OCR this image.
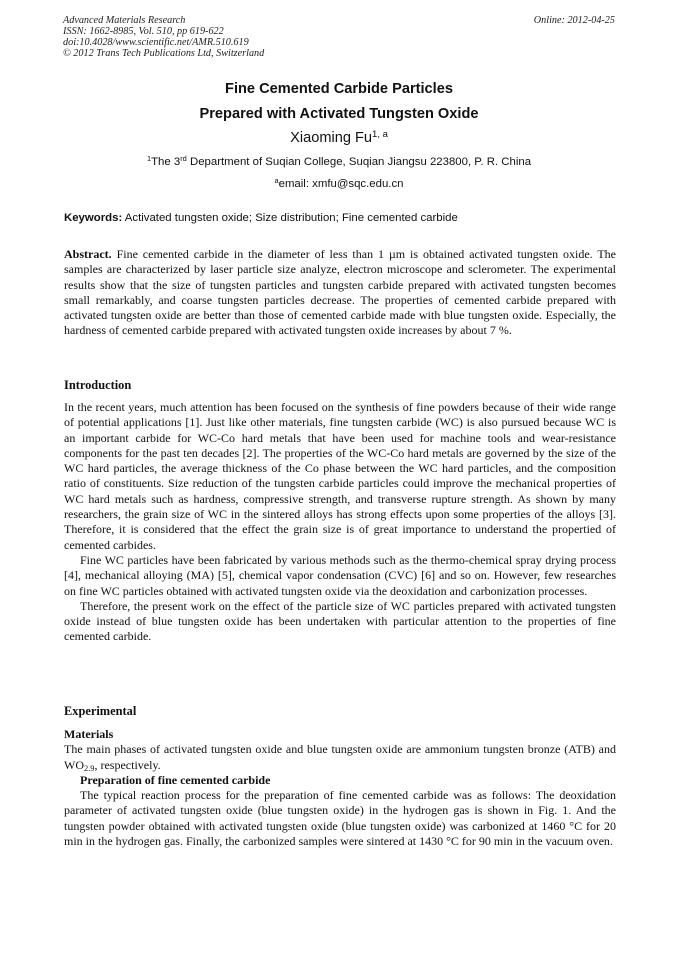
Advanced Materials Research
ISSN: 1662-8985, Vol. 510, pp 619-622
doi:10.4028/www.scientific.net/AMR.510.619
© 2012 Trans Tech Publications Ltd, Switzerland
Online: 2012-04-25
Fine Cemented Carbide Particles
Prepared with Activated Tungsten Oxide
Xiaoming Fu$^{1, a}$
$^1$The 3rd Department of Suqian College, Suqian Jiangsu 223800, P. R. China
$^a$email: xmfu@sqc.edu.cn
Keywords: Activated tungsten oxide; Size distribution; Fine cemented carbide

Abstract. Fine cemented carbide in the diameter of less than 1 µm is obtained activated tungsten oxide. The samples are characterized by laser particle size analyze, electron microscope and sclerometer. The experimental results show that the size of tungsten particles and tungsten carbide prepared with activated tungsten becomes small remarkably, and coarse tungsten particles decrease. The properties of cemented carbide prepared with activated tungsten oxide are better than those of cemented carbide made with blue tungsten oxide. Especially, the hardness of cemented carbide prepared with activated tungsten oxide increases by about 7 %.

Introduction

In the recent years, much attention has been focused on the synthesis of fine powders because of their wide range of potential applications [1]. Just like other materials, fine tungsten carbide (WC) is also pursued because WC is an important carbide for WC-Co hard metals that have been used for machine tools and wear-resistance components for the past ten decades [2]. The properties of the WC-Co hard metals are governed by the size of the WC hard particles, the average thickness of the Co phase between the WC hard particles, and the composition ratio of constituents. Size reduction of the tungsten carbide particles could improve the mechanical properties of WC hard metals such as hardness, compressive strength, and transverse rupture strength. As shown by many researchers, the grain size of WC in the sintered alloys has strong effects upon some properties of the alloys [3]. Therefore, it is considered that the effect the grain size is of great importance to understand the propertied of cemented carbides.

Fine WC particles have been fabricated by various methods such as the thermo-chemical spray drying process [4], mechanical alloying (MA) [5], chemical vapor condensation (CVC) [6] and so on. However, few researches on fine WC particles obtained with activated tungsten oxide via the deoxidation and carbonization processes.

Therefore, the present work on the effect of the particle size of WC particles prepared with activated tungsten oxide instead of blue tungsten oxide has been undertaken with particular attention to the properties of fine cemented carbide.

Experimental

Materials

The main phases of activated tungsten oxide and blue tungsten oxide are ammonium tungsten bronze (ATB) and $WO_{2.9}$, respectively.

Preparation of fine cemented carbide

The typical reaction process for the preparation of fine cemented carbide was as follows: The deoxidation parameter of activated tungsten oxide (blue tungsten oxide) in the hydrogen gas is shown in Fig. 1. And the tungsten powder obtained with activated tungsten oxide (blue tungsten oxide) was carbonized at 1460 °C for 20 min in the hydrogen gas. Finally, the carbonized samples were sintered at 1430 °C for 90 min in the vacuum oven.
